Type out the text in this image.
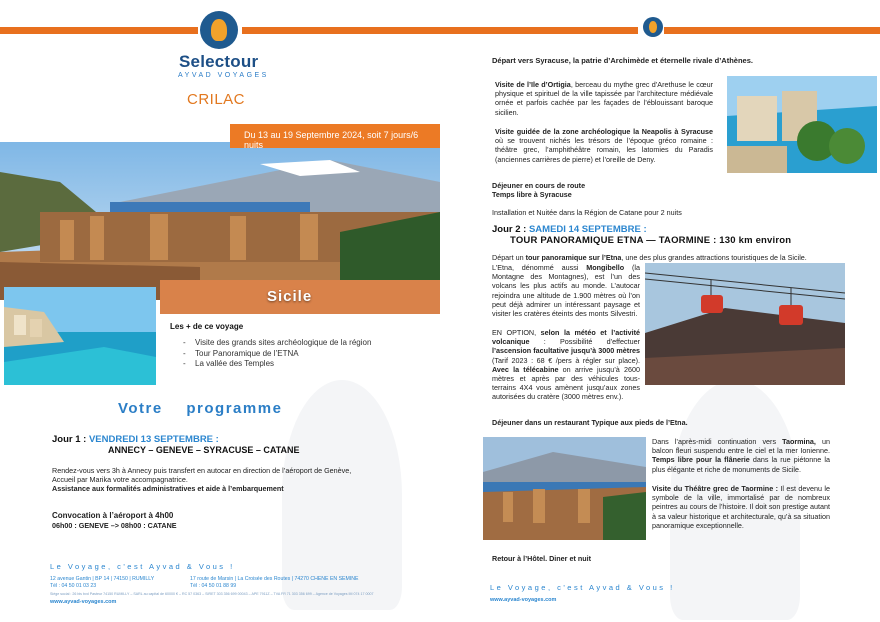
Selectour
AYVAD VOYAGES
CRILAC
Du 13 au 19 Septembre 2024, soit 7 jours/6 nuits
Sicile
Les + de ce voyage
- Visite des grands sites archéologique de la région
- Tour Panoramique de l’ETNA
- La vallée des Temples
Votre programme
Jour 1 : VENDREDI 13 SEPTEMBRE :
ANNECY – GENEVE – SYRACUSE – CATANE
Rendez-vous vers 3h à Annecy puis transfert en autocar en direction de l’aéroport de Genève,
Accueil par Marika votre accompagnatrice.
Assistance aux formalités administratives et aide à l’embarquement
Convocation à l’aéroport à 4h00
06h00 : GENEVE –> 08h00 : CATANE
Le Voyage, c'est Ayvad & Vous !
12 avenue Gantin | BP 14 | 74150 | RUMILLY
Tél : 04 50 01 03 23
17 route de Marsin | La Croisée des Routes | 74270 CHENE EN SEMINE
Tél : 04 50 01 88 99
Siège social : 26 bis bvd Pasteur 74150 RUMILLY – SARL au capital de 60000 € – RC 57 0363 – SIRET 303 356 699 00043 – APE 7911Z – TVA FR 71 303 356 699 – Agence de Voyages IM 074 17 0007
www.ayvad-voyages.com
Départ vers Syracuse, la patrie d’Archimède et éternelle rivale d’Athènes.
Visite de l’Ile d’Ortigia, berceau du mythe grec d’Arethuse le cœur physique et spirituel de la ville tapissée par l’architecture médiévale ornée et parfois cachée par les façades de l’éblouissant baroque sicilien.
Visite guidée de la zone archéologique la Neapolis à Syracuse où se trouvent nichés les trésors de l’époque gréco romaine : théâtre grec, l’amphithéâtre romain, les latomies du Paradis (anciennes carrières de pierre) et l’oreille de Deny.
Déjeuner en cours de route
Temps libre à Syracuse
Installation et Nuitée dans la Région de Catane pour 2 nuits
Jour 2 : SAMEDI 14 SEPTEMBRE :
TOUR PANORAMIQUE ETNA — TAORMINE : 130 km environ
Départ un tour panoramique sur l’Etna, une des plus grandes attractions touristiques de la Sicile.
L’Etna, dénommé aussi Mongibello (la Montagne des Montagnes), est l’un des volcans les plus actifs au monde. L’autocar rejoindra une altitude de 1.900 mètres où l’on peut déjà admirer un intéressant paysage et visiter les cratères éteints des monts Silvestri.
EN OPTION, selon la météo et l’activité volcanique : Possibilité d’effectuer l’ascension facultative jusqu’à 3000 mètres (Tarif 2023 : 68 € /pers à régler sur place). Avec la télécabine on arrive jusqu’à 2600 mètres et après par des véhicules tous-terrains 4X4 vous amènent jusqu’aux zones autorisées du cratère (3000 mètres env.).
Déjeuner dans un restaurant Typique aux pieds de l’Etna.
Dans l’après-midi continuation vers Taormina, un balcon fleuri suspendu entre le ciel et la mer Ionienne. Temps libre pour la flânerie dans la rue piétonne la plus élégante et riche de monuments de Sicile.
Visite du Théâtre grec de Taormine : Il est devenu le symbole de la ville, immortalisé par de nombreux peintres au cours de l’histoire. Il doit son prestige autant à sa valeur historique et architecturale, qu’à sa situation panoramique exceptionnelle.
Retour à l’Hôtel. Diner et nuit
Le Voyage, c'est Ayvad & Vous !
www.ayvad-voyages.com
